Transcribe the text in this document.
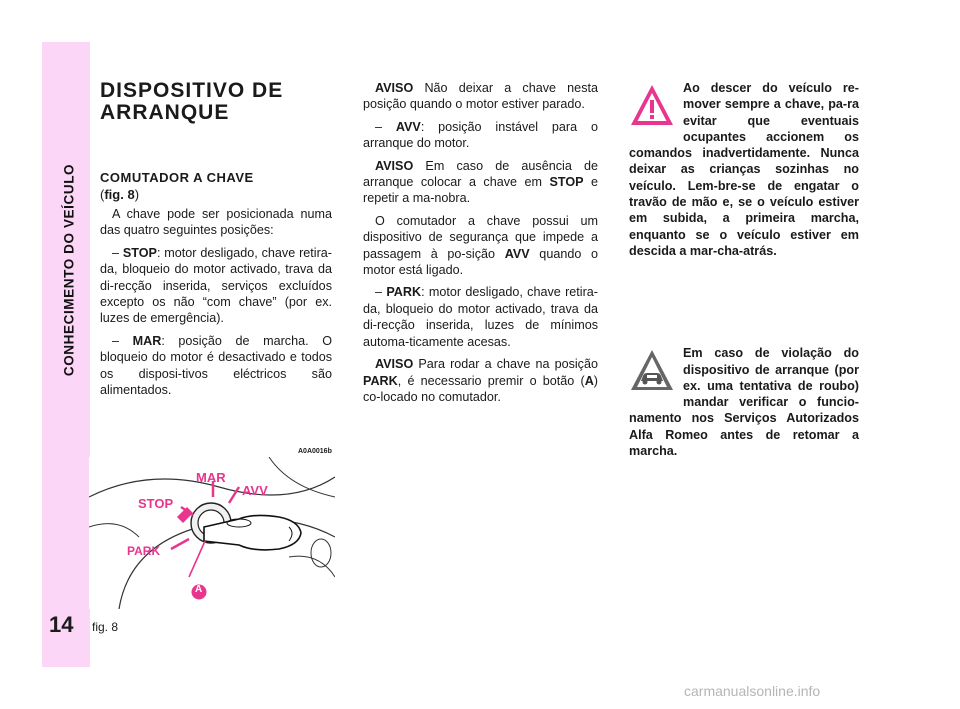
CONHECIMENTO DO VEÍCULO
14
DISPOSITIVO DE ARRANQUE
COMUTADOR A CHAVE
(fig. 8)

A chave pode ser posicionada numa das quatro seguintes posições:

– STOP: motor desligado, chave retira-da, bloqueio do motor activado, trava da di-recção inserida, serviços excluídos excepto os não “com chave” (por ex. luzes de emergência).

– MAR: posição de marcha. O bloqueio do motor é desactivado e todos os disposi-tivos eléctricos são alimentados.

AVISO Não deixar a chave nesta posição quando o motor estiver parado.

– AVV: posição instável para o arranque do motor.

AVISO Em caso de ausência de arranque colocar a chave em STOP e repetir a ma-nobra.

O comutador a chave possui um dispositivo de segurança que impede a passagem à po-sição AVV quando o motor está ligado.

– PARK: motor desligado, chave retira-da, bloqueio do motor activado, trava da di-recção inserida, luzes de mínimos automa-ticamente acesas.

AVISO Para rodar a chave na posição PARK, é necessario premir o botão (A) co-locado no comutador.

Ao descer do veículo re-mover sempre a chave, pa-ra evitar que eventuais ocupantes accionem os comandos inadvertidamente. Nunca deixar as crianças sozinhas no veículo. Lem-bre-se de engatar o travão de mão e, se o veículo estiver em subida, a primeira marcha, enquanto se o veículo estiver em descida a mar-cha-atrás.
Em caso de violação do dispositivo de arranque (por ex. uma tentativa de roubo) mandar verificar o funcio-namento nos Serviços Autorizados Alfa Romeo antes de retomar a marcha.
A0A0016b
MAR
AVV
STOP
PARK
A
fig. 8
carmanualsonline.info
